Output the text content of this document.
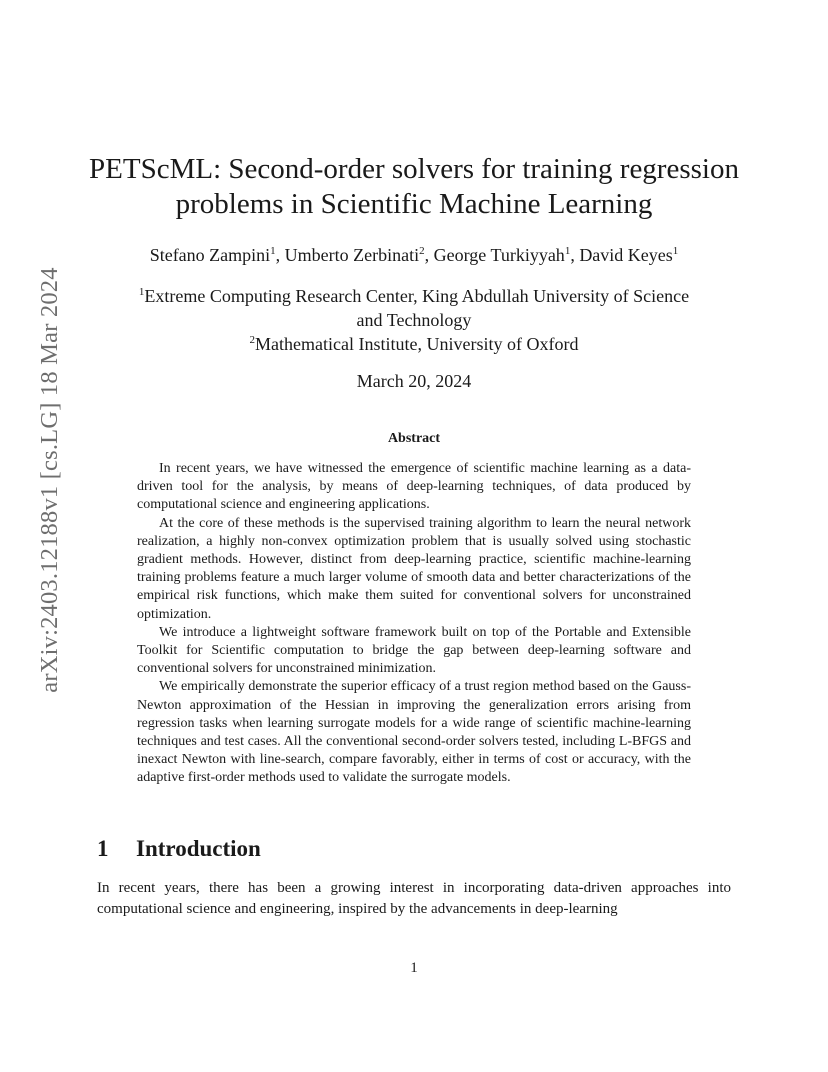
arXiv:2403.12188v1 [cs.LG] 18 Mar 2024
PETScML: Second-order solvers for training regression
problems in Scientific Machine Learning
Stefano Zampini$^1$, Umberto Zerbinati$^2$, George Turkiyyah$^1$, David Keyes$^1$
$^1$Extreme Computing Research Center, King Abdullah University of Science
and Technology
$^2$Mathematical Institute, University of Oxford
March 20, 2024
Abstract

In recent years, we have witnessed the emergence of scientific machine learning as a data-driven tool for the analysis, by means of deep-learning techniques, of data produced by computational science and engineering applications.

At the core of these methods is the supervised training algorithm to learn the neural network realization, a highly non-convex optimization problem that is usually solved using stochastic gradient methods. However, distinct from deep-learning practice, scientific machine-learning training problems feature a much larger volume of smooth data and better characterizations of the empirical risk functions, which make them suited for conventional solvers for unconstrained optimization.

We introduce a lightweight software framework built on top of the Portable and Extensible Toolkit for Scientific computation to bridge the gap between deep-learning software and conventional solvers for unconstrained minimization.

We empirically demonstrate the superior efficacy of a trust region method based on the Gauss-Newton approximation of the Hessian in improving the generalization errors arising from regression tasks when learning surrogate models for a wide range of scientific machine-learning techniques and test cases. All the conventional second-order solvers tested, including L-BFGS and inexact Newton with line-search, compare favorably, either in terms of cost or accuracy, with the adaptive first-order methods used to validate the surrogate models.

1 Introduction

In recent years, there has been a growing interest in incorporating data-driven approaches into computational science and engineering, inspired by the advancements in deep-learning

1
